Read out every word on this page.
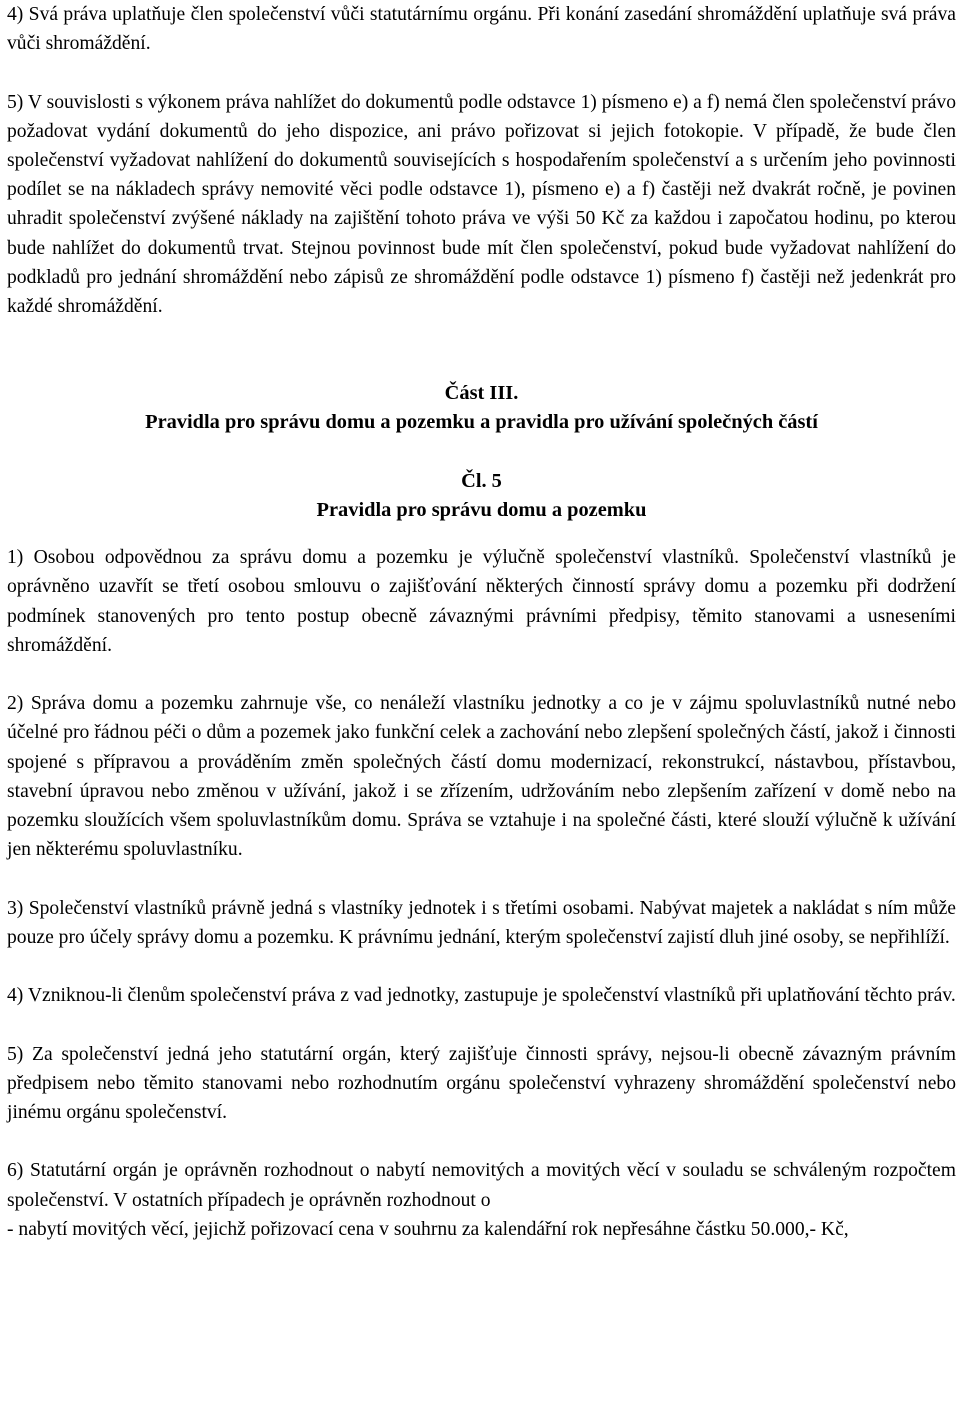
4) Svá práva uplatňuje člen společenství vůči statutárnímu orgánu. Při konání zasedání shromáždění uplatňuje svá práva vůči shromáždění.

5) V souvislosti s výkonem práva nahlížet do dokumentů podle odstavce 1) písmeno e) a f) nemá člen společenství právo požadovat vydání dokumentů do jeho dispozice, ani právo pořizovat si jejich fotokopie. V případě, že bude člen společenství vyžadovat nahlížení do dokumentů souvisejících s hospodařením společenství a s určením jeho povinnosti podílet se na nákladech správy nemovité věci podle odstavce 1), písmeno e) a f) častěji než dvakrát ročně, je povinen uhradit společenství zvýšené náklady na zajištění tohoto práva ve výši 50 Kč za každou i započatou hodinu, po kterou bude nahlížet do dokumentů trvat. Stejnou povinnost bude mít člen společenství, pokud bude vyžadovat nahlížení do podkladů pro jednání shromáždění nebo zápisů ze shromáždění podle odstavce 1) písmeno f) častěji než jedenkrát pro každé shromáždění.

Část III.

Pravidla pro správu domu a pozemku a pravidla pro užívání společných částí

Čl. 5

Pravidla pro správu domu a pozemku

1) Osobou odpovědnou za správu domu a pozemku je výlučně společenství vlastníků. Společenství vlastníků je oprávněno uzavřít se třetí osobou smlouvu o zajišťování některých činností správy domu a pozemku při dodržení podmínek stanovených pro tento postup obecně závaznými právními předpisy, těmito stanovami a usneseními shromáždění.

2) Správa domu a pozemku zahrnuje vše, co nenáleží vlastníku jednotky a co je v zájmu spoluvlastníků nutné nebo účelné pro řádnou péči o dům a pozemek jako funkční celek a zachování nebo zlepšení společných částí, jakož i činnosti spojené s přípravou a prováděním změn společných částí domu modernizací, rekonstrukcí, nástavbou, přístavbou, stavební úpravou nebo změnou v užívání, jakož i se zřízením, udržováním nebo zlepšením zařízení v domě nebo na pozemku sloužících všem spoluvlastníkům domu. Správa se vztahuje i na společné části, které slouží výlučně k užívání jen některému spoluvlastníku.

3) Společenství vlastníků právně jedná s vlastníky jednotek i s třetími osobami. Nabývat majetek a nakládat s ním může pouze pro účely správy domu a pozemku. K právnímu jednání, kterým společenství zajistí dluh jiné osoby, se nepřihlíží.

4) Vzniknou-li členům společenství práva z vad jednotky, zastupuje je společenství vlastníků při uplatňování těchto práv.

5) Za společenství jedná jeho statutární orgán, který zajišťuje činnosti správy, nejsou-li obecně závazným právním předpisem nebo těmito stanovami nebo rozhodnutím orgánu společenství vyhrazeny shromáždění společenství nebo jinému orgánu společenství.

6) Statutární orgán je oprávněn rozhodnout o nabytí nemovitých a movitých věcí v souladu se schváleným rozpočtem společenství. V ostatních případech je oprávněn rozhodnout o

- nabytí movitých věcí, jejichž pořizovací cena v souhrnu za kalendářní rok nepřesáhne částku 50.000,- Kč,
